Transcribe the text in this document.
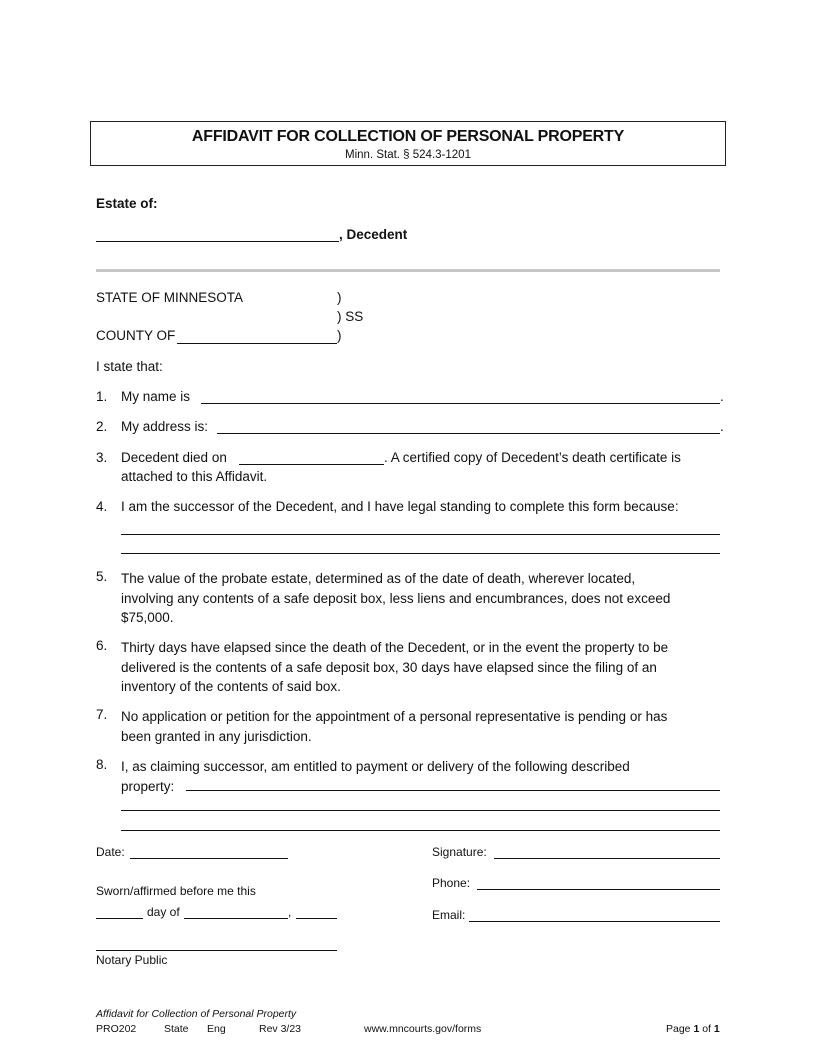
AFFIDAVIT FOR COLLECTION OF PERSONAL PROPERTY
Minn. Stat. § 524.3-1201
Estate of:
, Decedent
STATE OF MINNESOTA	)
) SS
COUNTY OF	)
I state that:
1. My name is	.
2. My address is:	.
3. Decedent died on	. A certified copy of Decedent’s death certificate is
attached to this Affidavit.
4. I am the successor of the Decedent, and I have legal standing to complete this form because:
5. The value of the probate estate, determined as of the date of death, wherever located,
involving any contents of a safe deposit box, less liens and encumbrances, does not exceed
$75,000.
6. Thirty days have elapsed since the death of the Decedent, or in the event the property to be
delivered is the contents of a safe deposit box, 30 days have elapsed since the filing of an
inventory of the contents of said box.
7. No application or petition for the appointment of a personal representative is pending or has
been granted in any jurisdiction.
8. I, as claiming successor, am entitled to payment or delivery of the following described
property:
Date:
Sworn/affirmed before me this
day of	,
Notary Public
Signature:
Phone:
Email:
Affidavit for Collection of Personal Property
PRO202	State Eng	Rev 3/23	www.mncourts.gov/forms	Page 1 of 1
